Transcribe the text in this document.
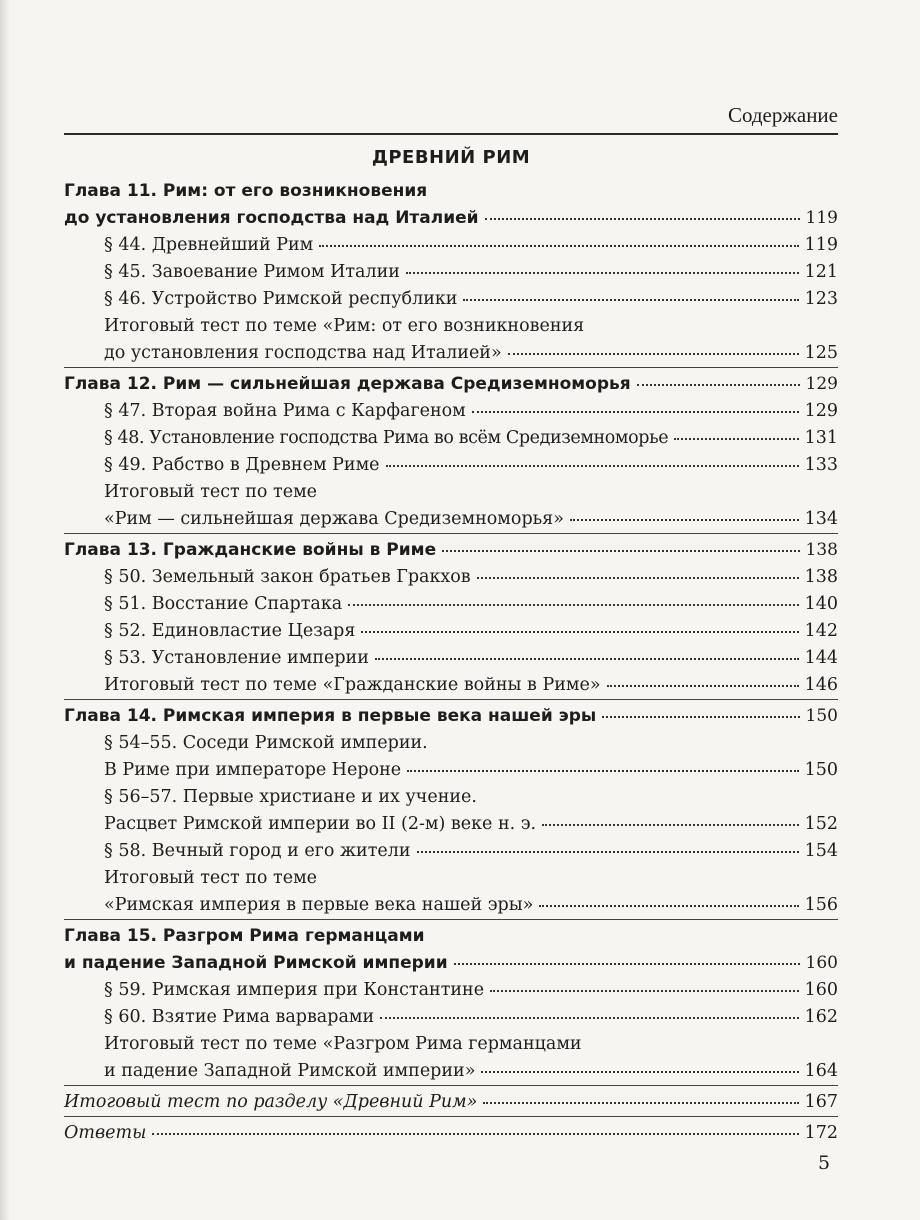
Содержание
ДРЕВНИЙ РИМ
Глава 11. Рим: от его возникновения
до установления господства над Италией	119
§ 44. Древнейший Рим	119
§ 45. Завоевание Римом Италии	121
§ 46. Устройство Римской республики	123
Итоговый тест по теме «Рим: от его возникновения
до установления господства над Италией»	125
Глава 12. Рим — сильнейшая держава Средиземноморья	129
§ 47. Вторая война Рима с Карфагеном	129
§ 48. Установление господства Рима во всём Средиземноморье	131
§ 49. Рабство в Древнем Риме	133
Итоговый тест по теме
«Рим — сильнейшая держава Средиземноморья»	134
Глава 13. Гражданские войны в Риме	138
§ 50. Земельный закон братьев Гракхов	138
§ 51. Восстание Спартака	140
§ 52. Единовластие Цезаря	142
§ 53. Установление империи	144
Итоговый тест по теме «Гражданские войны в Риме»	146
Глава 14. Римская империя в первые века нашей эры	150
§ 54–55. Соседи Римской империи.
В Риме при императоре Нероне	150
§ 56–57. Первые христиане и их учение.
Расцвет Римской империи во II (2-м) веке н. э.	152
§ 58. Вечный город и его жители	154
Итоговый тест по теме
«Римская империя в первые века нашей эры»	156
Глава 15. Разгром Рима германцами
и падение Западной Римской империи	160
§ 59. Римская империя при Константине	160
§ 60. Взятие Рима варварами	162
Итоговый тест по теме «Разгром Рима германцами
и падение Западной Римской империи»	164
Итоговый тест по разделу «Древний Рим»	167
Ответы	172
5
